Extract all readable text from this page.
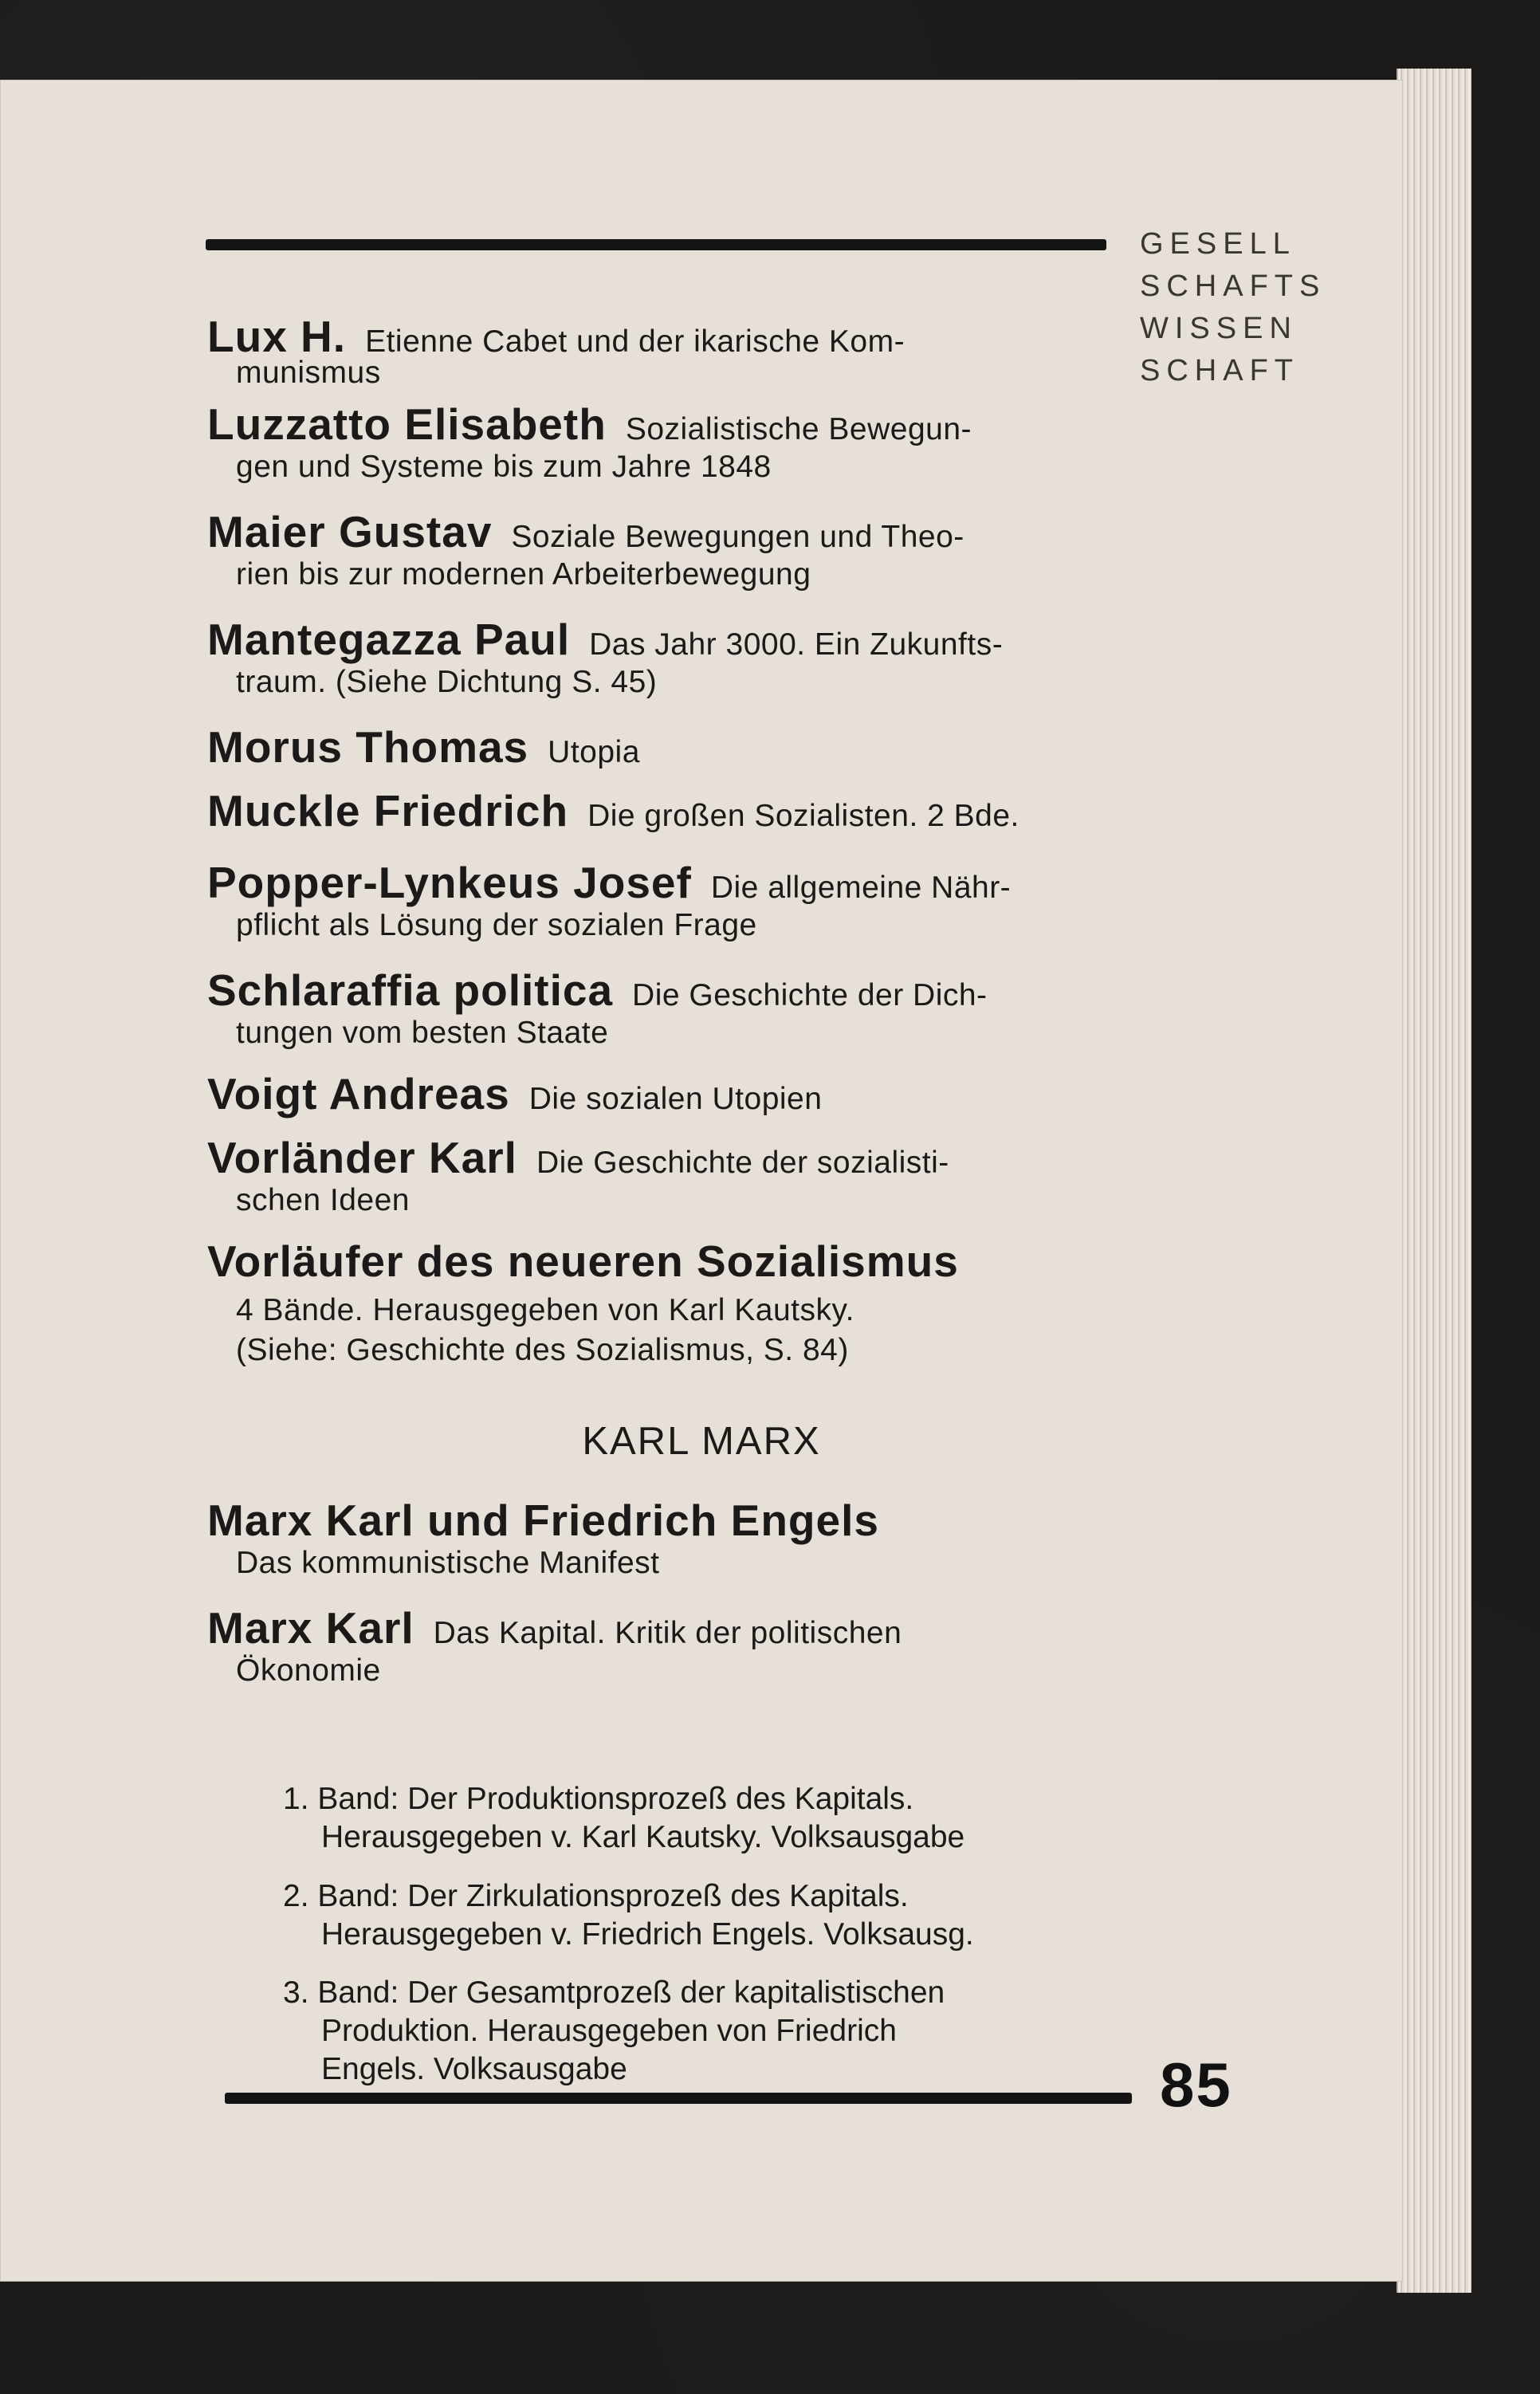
GESELL
SCHAFTS
WISSEN
SCHAFT
Lux H. Etienne Cabet und der ikarische Kom-
munismus
Luzzatto Elisabeth Sozialistische Bewegun-
gen und Systeme bis zum Jahre 1848
Maier Gustav Soziale Bewegungen und Theo-
rien bis zur modernen Arbeiterbewegung
Mantegazza Paul Das Jahr 3000. Ein Zukunfts-
traum. (Siehe Dichtung S. 45)
Morus Thomas Utopia
Muckle Friedrich Die großen Sozialisten. 2 Bde.
Popper-Lynkeus Josef Die allgemeine Nähr-
pflicht als Lösung der sozialen Frage
Schlaraffia politica Die Geschichte der Dich-
tungen vom besten Staate
Voigt Andreas Die sozialen Utopien
Vorländer Karl Die Geschichte der sozialisti-
schen Ideen
Vorläufer des neueren Sozialismus
4 Bände. Herausgegeben von Karl Kautsky.
(Siehe: Geschichte des Sozialismus, S. 84)
KARL MARX
Marx Karl und Friedrich Engels
Das kommunistische Manifest
Marx Karl Das Kapital. Kritik der politischen
Ökonomie
1. Band: Der Produktionsprozeß des Kapitals.
Herausgegeben v. Karl Kautsky. Volksausgabe
2. Band: Der Zirkulationsprozeß des Kapitals.
Herausgegeben v. Friedrich Engels. Volksausg.
3. Band: Der Gesamtprozeß der kapitalistischen
Produktion. Herausgegeben von Friedrich
Engels. Volksausgabe	85
